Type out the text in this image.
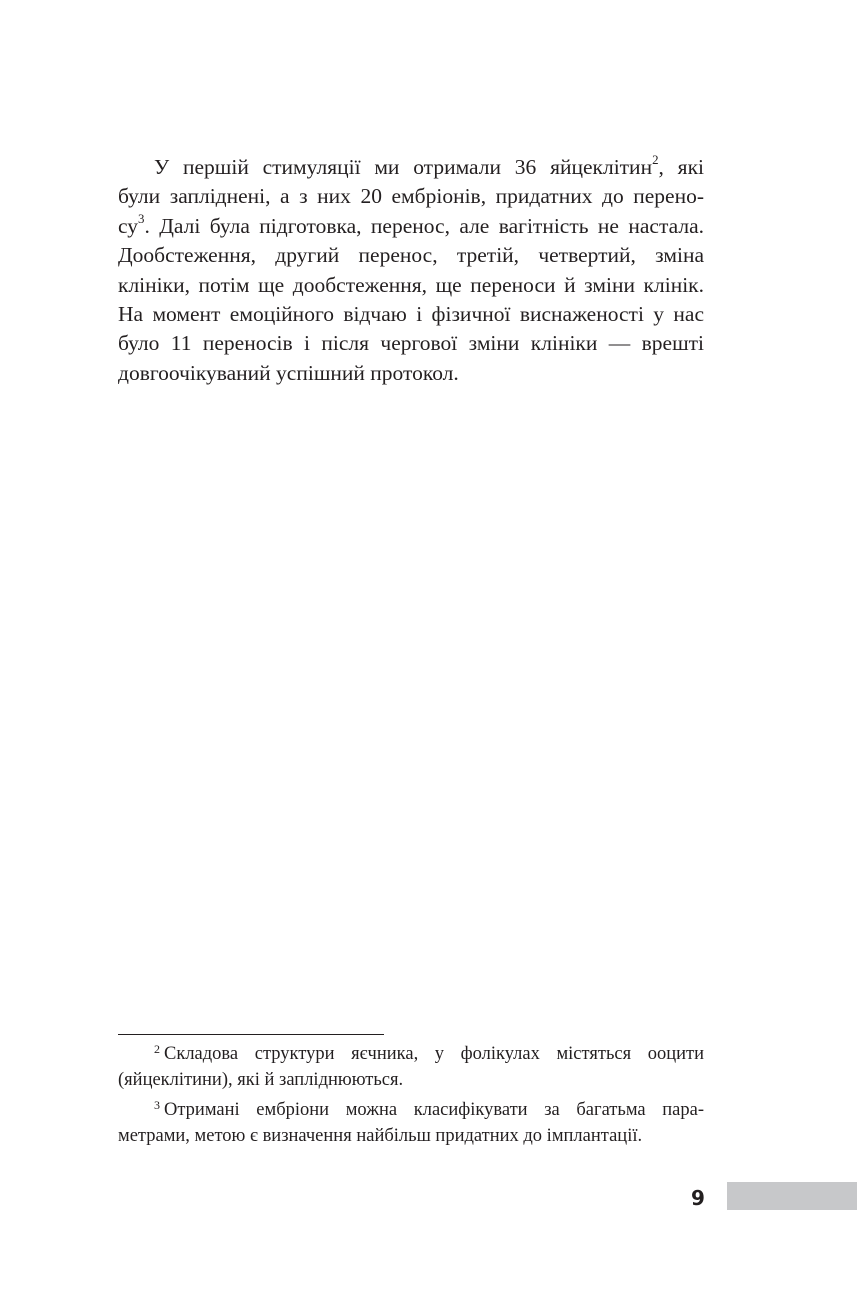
У першій стимуляції ми отримали 36 яйцеклітин$^2$, які
були запліднені, а з них 20 ембріонів, придатних до перено-
$су^3$. Далі була підготовка, перенос, але вагітність не настала.
Дообстеження, другий перенос, третій, четвертий, зміна
клініки, потім ще дообстеження, ще переноси й зміни клінік.
На момент емоційного відчаю і фізичної виснаженості у нас
було 11 переносів і після чергової зміни клініки — врешті
довгоочікуваний успішний протокол.
$^2$ Складова структури яєчника, у фолікулах містяться ооцити
(яйцеклітини), які й запліднюються.
$^3$ Отримані ембріони можна класифікувати за багатьма пара-
метрами, метою є визначення найбільш придатних до імплантації.
9
